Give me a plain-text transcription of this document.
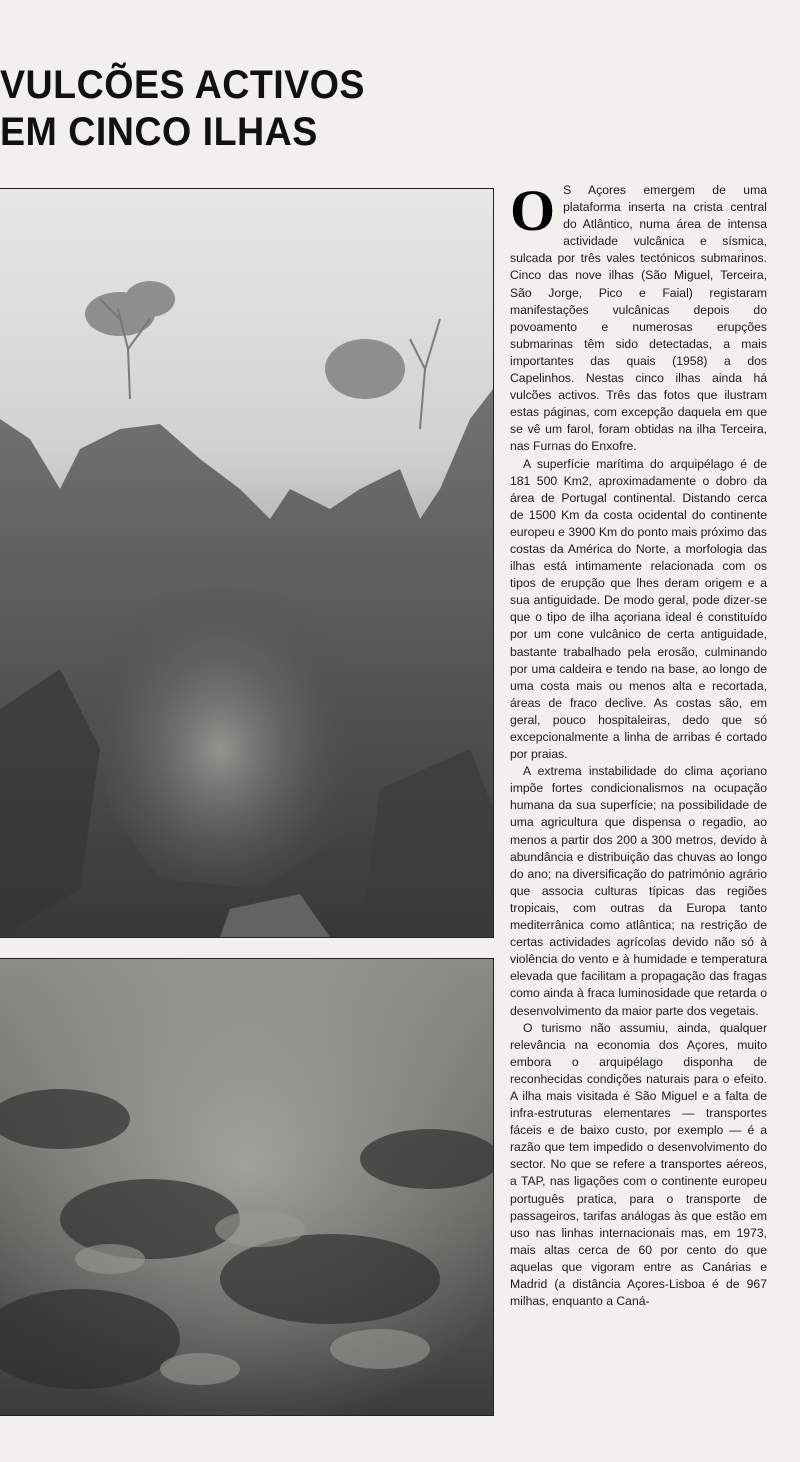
VULCÕES ACTIVOS
EM CINCO ILHAS

O S Açores emergem de uma plataforma inserta na crista central do Atlântico, numa área de intensa actividade vulcânica e sísmica, sulcada por três vales tectónicos submarinos. Cinco das nove ilhas (São Miguel, Terceira, São Jorge, Pico e Faial) registaram manifestações vulcânicas depois do povoamento e numerosas erupções submarinas têm sido detectadas, a mais importantes das quais (1958) a dos Capelinhos. Nestas cinco ilhas ainda há vulcões activos. Três das fotos que ilustram estas páginas, com excepção daquela em que se vê um farol, foram obtidas na ilha Terceira, nas Furnas do Enxofre.

A superfície marítima do arquipélago é de 181 500 Km2, aproximadamente o dobro da área de Portugal continental. Distando cerca de 1500 Km da costa ocidental do continente europeu e 3900 Km do ponto mais próximo das costas da América do Norte, a morfologia das ilhas está intimamente relacionada com os tipos de erupção que lhes deram origem e a sua antiguidade. De modo geral, pode dizer-se que o tipo de ilha açoriana ideal é constituído por um cone vulcânico de certa antiguidade, bastante trabalhado pela erosão, culminando por uma caldeira e tendo na base, ao longo de uma costa mais ou menos alta e recortada, áreas de fraco declive. As costas são, em geral, pouco hospitaleiras, dedo que só excepcionalmente a linha de arribas é cortado por praias.

A extrema instabilidade do clima açoriano impõe fortes condicionalismos na ocupação humana da sua superfície; na possibilidade de uma agricultura que dispensa o regadio, ao menos a partir dos 200 a 300 metros, devido à abundância e distribuição das chuvas ao longo do ano; na diversificação do património agrário que associa culturas típicas das regiões tropicais, com outras da Europa tanto mediterrânica como atlântica; na restrição de certas actividades agrícolas devido não só à violência do vento e à humidade e temperatura elevada que facilitam a propagação das fragas como ainda à fraca luminosidade que retarda o desenvolvimento da maior parte dos vegetais.

O turismo não assumiu, ainda, qualquer relevância na economia dos Açores, muito embora o arquipélago disponha de reconhecidas condições naturais para o efeito. A ilha mais visitada é São Miguel e a falta de infra-estruturas elementares — transportes fáceis e de baixo custo, por exemplo — é a razão que tem impedido o desenvolvimento do sector. No que se refere a transportes aéreos, a TAP, nas ligações com o continente europeu português pratica, para o transporte de passageiros, tarifas análogas às que estão em uso nas linhas internacionais mas, em 1973, mais altas cerca de 60 por cento do que aquelas que vigoram entre as Canárias e Madrid (a distância Açores-Lisboa é de 967 milhas, enquanto a Caná-
